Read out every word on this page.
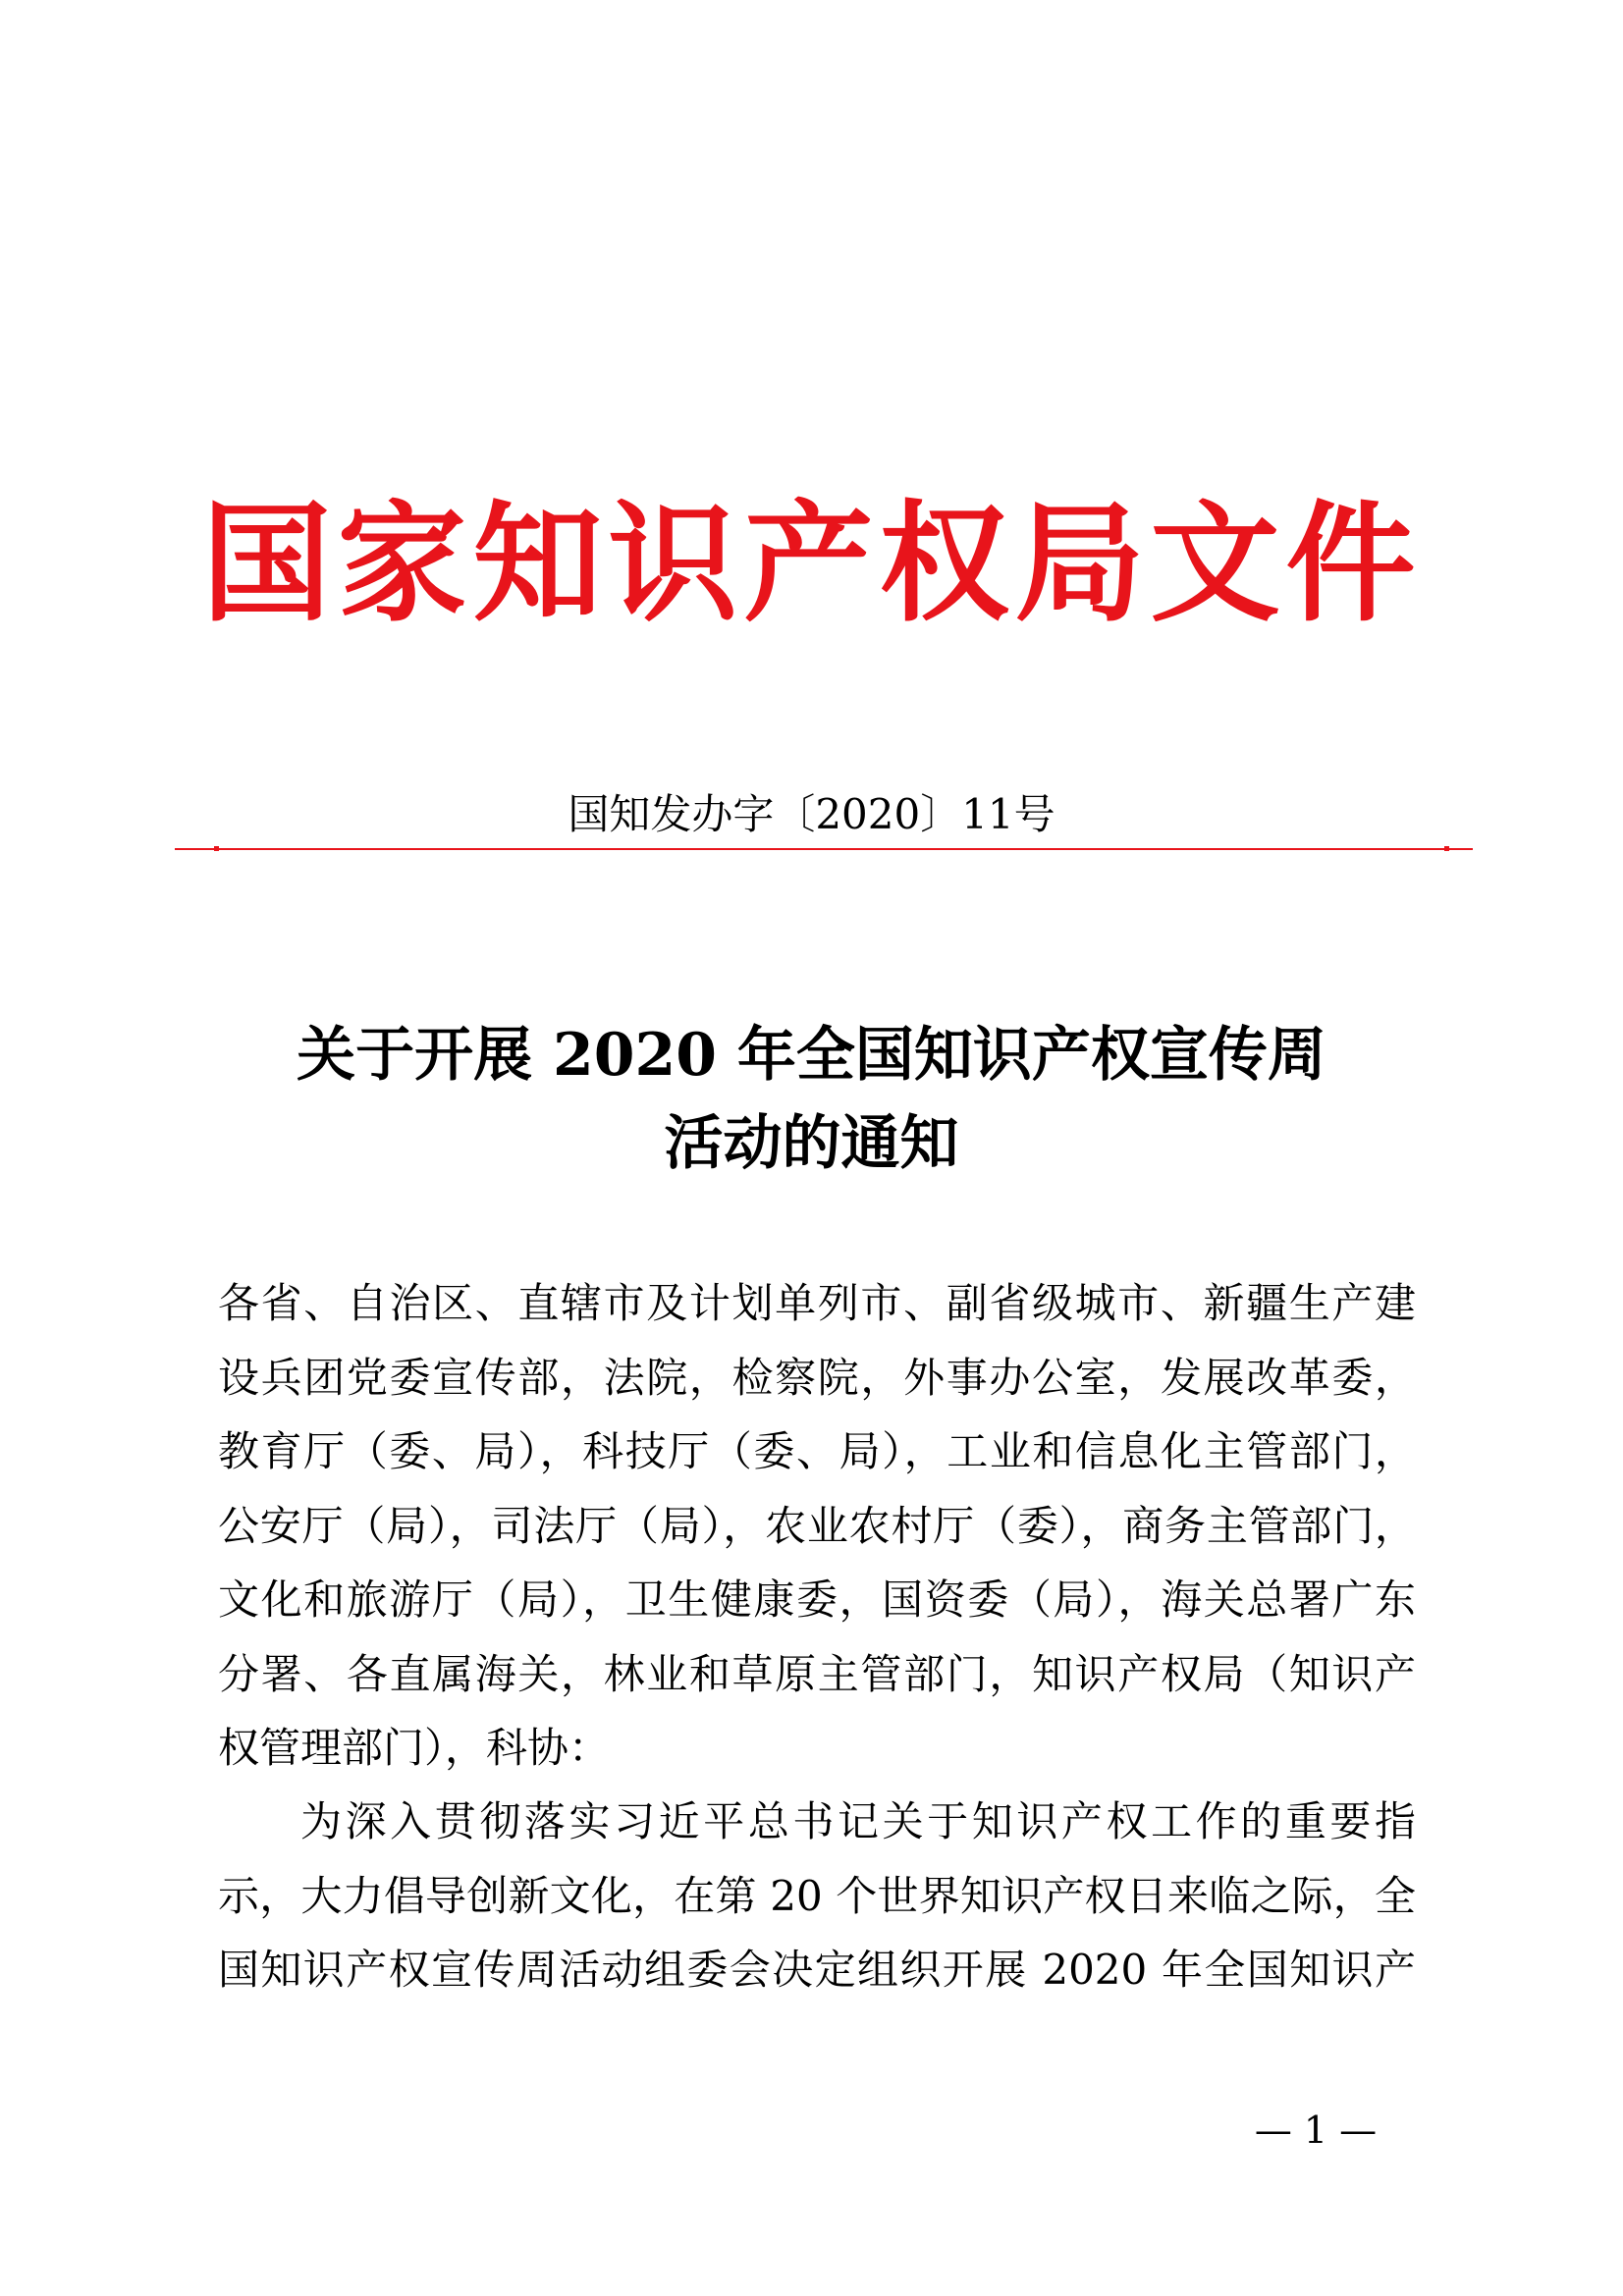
国家知识产权局文件
国知发办字〔2020〕11号
关于开展 2020 年全国知识产权宣传周
活动的通知
各省、自治区、直辖市及计划单列市、副省级城市、新疆生产建
设兵团党委宣传部，法院，检察院，外事办公室，发展改革委，
教育厅（委、局），科技厅（委、局），工业和信息化主管部门，
公安厅（局），司法厅（局），农业农村厅（委），商务主管部门，
文化和旅游厅（局），卫生健康委，国资委（局），海关总署广东
分署、各直属海关，林业和草原主管部门，知识产权局（知识产
权管理部门），科协：
为深入贯彻落实习近平总书记关于知识产权工作的重要指
示，大力倡导创新文化，在第 20 个世界知识产权日来临之际，全
国知识产权宣传周活动组委会决定组织开展 2020 年全国知识产
— 1 —
